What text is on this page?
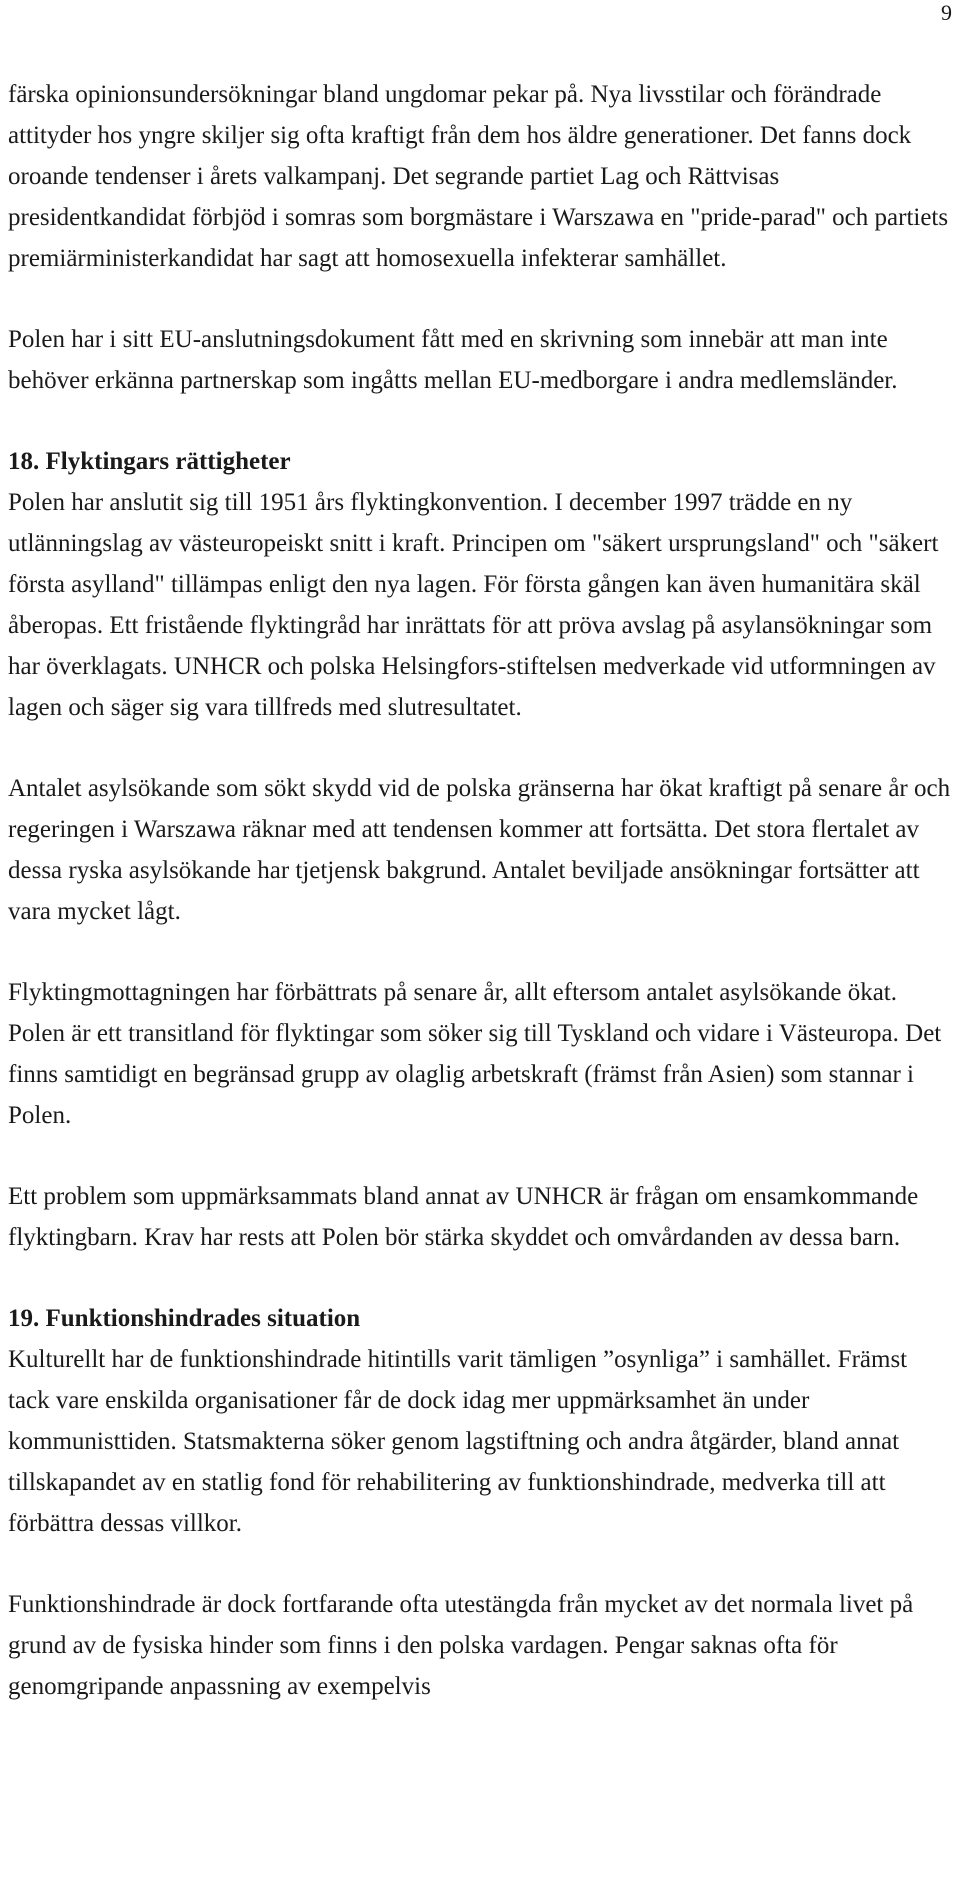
9

färska opinionsundersökningar bland ungdomar pekar på. Nya livsstilar och förändrade attityder hos yngre skiljer sig ofta kraftigt från dem hos äldre generationer. Det fanns dock oroande tendenser i årets valkampanj. Det segrande partiet Lag och Rättvisas presidentkandidat förbjöd i somras som borgmästare i Warszawa en "pride-parad" och partiets premiärministerkandidat har sagt att homosexuella infekterar samhället.

Polen har i sitt EU-anslutningsdokument fått med en skrivning som innebär att man inte behöver erkänna partnerskap som ingåtts mellan EU-medborgare i andra medlemsländer.

18. Flyktingars rättigheter

Polen har anslutit sig till 1951 års flyktingkonvention. I december 1997 trädde en ny utlänningslag av västeuropeiskt snitt i kraft. Principen om "säkert ursprungsland" och "säkert första asylland" tillämpas enligt den nya lagen. För första gången kan även humanitära skäl åberopas. Ett fristående flyktingråd har inrättats för att pröva avslag på asylansökningar som har överklagats. UNHCR och polska Helsingfors-stiftelsen medverkade vid utformningen av lagen och säger sig vara tillfreds med slutresultatet.

Antalet asylsökande som sökt skydd vid de polska gränserna har ökat kraftigt på senare år och regeringen i Warszawa räknar med att tendensen kommer att fortsätta. Det stora flertalet av dessa ryska asylsökande har tjetjensk bakgrund. Antalet beviljade ansökningar fortsätter att vara mycket lågt.

Flyktingmottagningen har förbättrats på senare år, allt eftersom antalet asylsökande ökat. Polen är ett transitland för flyktingar som söker sig till Tyskland och vidare i Västeuropa. Det finns samtidigt en begränsad grupp av olaglig arbetskraft (främst från Asien) som stannar i Polen.

Ett problem som uppmärksammats bland annat av UNHCR är frågan om ensamkommande flyktingbarn. Krav har rests att Polen bör stärka skyddet och omvårdanden av dessa barn.

19. Funktionshindrades situation

Kulturellt har de funktionshindrade hitintills varit tämligen ”osynliga” i samhället. Främst tack vare enskilda organisationer får de dock idag mer uppmärksamhet än under kommunisttiden. Statsmakterna söker genom lagstiftning och andra åtgärder, bland annat tillskapandet av en statlig fond för rehabilitering av funktionshindrade, medverka till att förbättra dessas villkor.

Funktionshindrade är dock fortfarande ofta utestängda från mycket av det normala livet på grund av de fysiska hinder som finns i den polska vardagen. Pengar saknas ofta för genomgripande anpassning av exempelvis
